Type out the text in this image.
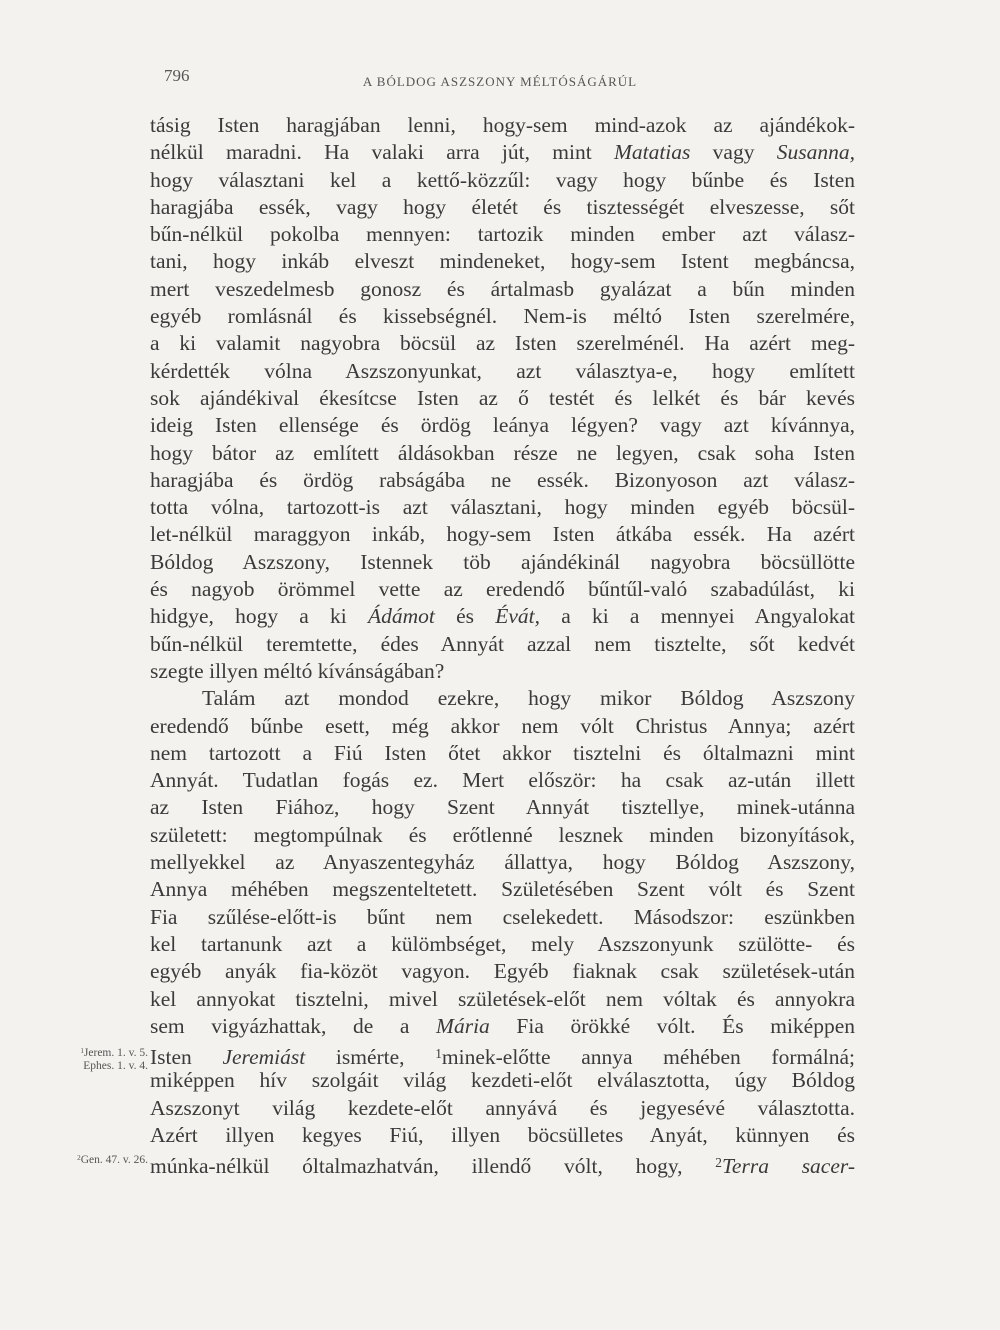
796	A BÓLDOG ASZSZONY MÉLTÓSÁGÁRÚL
tásig Isten haragjában lenni, hogy-sem mind-azok az ajándékok-
nélkül maradni. Ha valaki arra jút, mint Matatias vagy Susanna,
hogy választani kel a kettő-közzűl: vagy hogy bűnbe és Isten
haragjába essék, vagy hogy életét és tisztességét elveszesse, sőt
bűn-nélkül pokolba mennyen: tartozik minden ember azt válasz-
tani, hogy inkáb elveszt mindeneket, hogy-sem Istent megbáncsa,
mert veszedelmesb gonosz és ártalmasb gyalázat a bűn minden
egyéb romlásnál és kissebségnél. Nem-is méltó Isten szerelmére,
a ki valamit nagyobra böcsül az Isten szerelménél. Ha azért meg-
kérdették vólna Aszszonyunkat, azt választya-e, hogy említett
sok ajándékival ékesítcse Isten az ő testét és lelkét és bár kevés
ideig Isten ellensége és ördög leánya légyen? vagy azt kívánnya,
hogy bátor az említett áldásokban része ne legyen, csak soha Isten
haragjába és ördög rabságába ne essék. Bizonyoson azt válasz-
totta vólna, tartozott-is azt választani, hogy minden egyéb böcsül-
let-nélkül maraggyon inkáb, hogy-sem Isten átkába essék. Ha azért
Bóldog Aszszony, Istennek töb ajándékinál nagyobra böcsüllötte
és nagyob örömmel vette az eredendő bűntűl-való szabadúlást, ki
hidgye, hogy a ki Ádámot és Évát, a ki a mennyei Angyalokat
bűn-nélkül teremtette, édes Annyát azzal nem tisztelte, sőt kedvét
szegte illyen méltó kívánságában?
Talám azt mondod ezekre, hogy mikor Bóldog Aszszony
eredendő bűnbe esett, még akkor nem vólt Christus Annya; azért
nem tartozott a Fiú Isten őtet akkor tisztelni és óltalmazni mint
Annyát. Tudatlan fogás ez. Mert először: ha csak az-után illett
az Isten Fiához, hogy Szent Annyát tisztellye, minek-utánna
született: megtompúlnak és erőtlenné lesznek minden bizonyítások,
mellyekkel az Anyaszentegyház állattya, hogy Bóldog Aszszony,
Annya méhében megszenteltetett. Születésében Szent vólt és Szent
Fia szűlése-előtt-is bűnt nem cselekedett. Másodszor: eszünkben
kel tartanunk azt a külömbséget, mely Aszszonyunk szülötte- és
egyéb anyák fia-közöt vagyon. Egyéb fiaknak csak születések-után
kel annyokat tisztelni, mivel születések-előt nem vóltak és annyokra
sem vigyázhattak, de a Mária Fia örökké vólt. És miképpen
Isten Jeremiást ismérte, $^1$minek-előtte annya méhében formálná;
miképpen hív szolgáit világ kezdeti-előt elválasztotta, úgy Bóldog
Aszszonyt világ kezdete-előt annyává és jegyesévé választotta.
Azért illyen kegyes Fiú, illyen böcsülletes Anyát, künnyen és
múnka-nélkül óltalmazhatván, illendő vólt, hogy, $^2$Terra sacer-
$^1$Jerem. 1. v. 5.
Ephes. 1. v. 4.
$^2$Gen. 47. v. 26.
